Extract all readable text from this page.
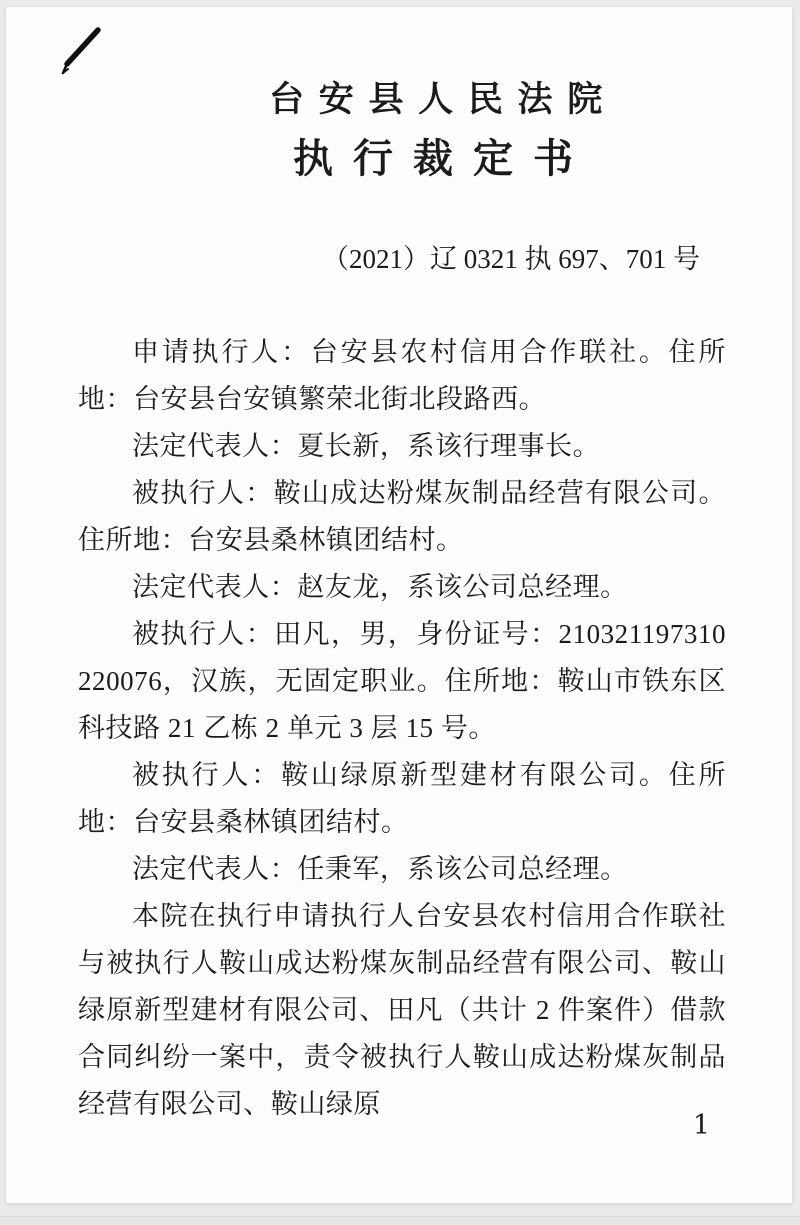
台安县人民法院
执行裁定书
（2021）辽 0321 执 697、701 号

申请执行人：台安县农村信用合作联社。住所地：台安县台安镇繁荣北街北段路西。

法定代表人：夏长新，系该行理事长。

被执行人：鞍山成达粉煤灰制品经营有限公司。住所地：台安县桑林镇团结村。

法定代表人：赵友龙，系该公司总经理。

被执行人：田凡，男，身份证号：210321197310220076，汉族，无固定职业。住所地：鞍山市铁东区科技路 21 乙栋 2 单元 3 层 15 号。

被执行人：鞍山绿原新型建材有限公司。住所地：台安县桑林镇团结村。

法定代表人：任秉军，系该公司总经理。

本院在执行申请执行人台安县农村信用合作联社与被执行人鞍山成达粉煤灰制品经营有限公司、鞍山绿原新型建材有限公司、田凡（共计 2 件案件）借款合同纠纷一案中，责令被执行人鞍山成达粉煤灰制品经营有限公司、鞍山绿原

1
